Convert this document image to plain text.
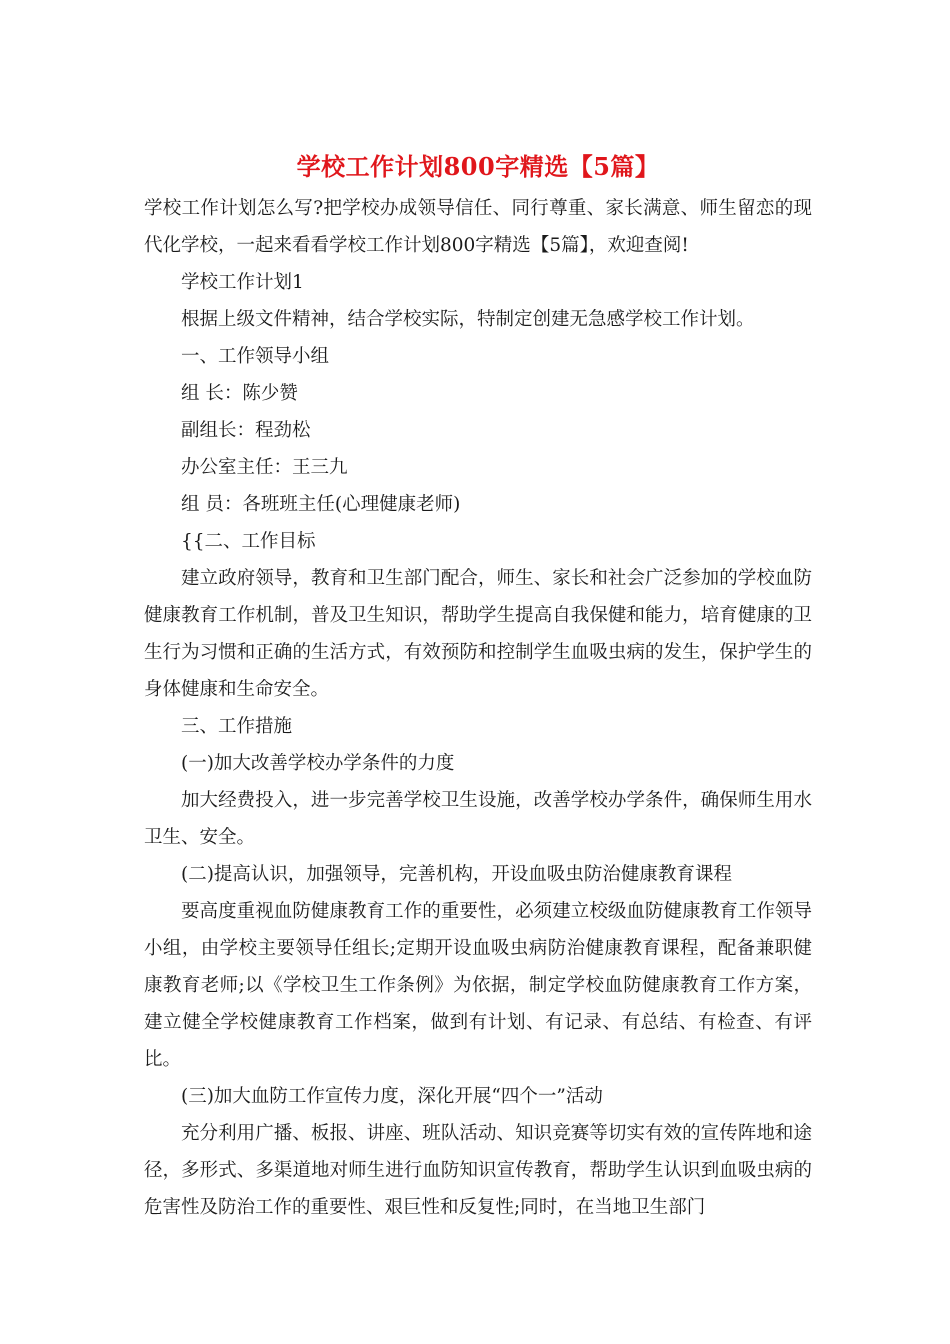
学校工作计划800字精选【5篇】

学校工作计划怎么写?把学校办成领导信任、同行尊重、家长满意、师生留恋的现代化学校，一起来看看学校工作计划800字精选【5篇】，欢迎查阅!

学校工作计划1

根据上级文件精神，结合学校实际，特制定创建无急感学校工作计划。

一、工作领导小组

组 长：陈少赞

副组长：程劲松

办公室主任：王三九

组 员：各班班主任(心理健康老师)

{{二、工作目标

建立政府领导，教育和卫生部门配合，师生、家长和社会广泛参加的学校血防健康教育工作机制，普及卫生知识，帮助学生提高自我保健和能力，培育健康的卫生行为习惯和正确的生活方式，有效预防和控制学生血吸虫病的发生，保护学生的身体健康和生命安全。

三、工作措施

(一)加大改善学校办学条件的力度

加大经费投入，进一步完善学校卫生设施，改善学校办学条件，确保师生用水卫生、安全。

(二)提高认识，加强领导，完善机构，开设血吸虫防治健康教育课程

要高度重视血防健康教育工作的重要性，必须建立校级血防健康教育工作领导小组，由学校主要领导任组长;定期开设血吸虫病防治健康教育课程，配备兼职健康教育老师;以《学校卫生工作条例》为依据，制定学校血防健康教育工作方案，建立健全学校健康教育工作档案，做到有计划、有记录、有总结、有检查、有评比。

(三)加大血防工作宣传力度，深化开展“四个一”活动

充分利用广播、板报、讲座、班队活动、知识竞赛等切实有效的宣传阵地和途径，多形式、多渠道地对师生进行血防知识宣传教育，帮助学生认识到血吸虫病的危害性及防治工作的重要性、艰巨性和反复性;同时，在当地卫生部门
